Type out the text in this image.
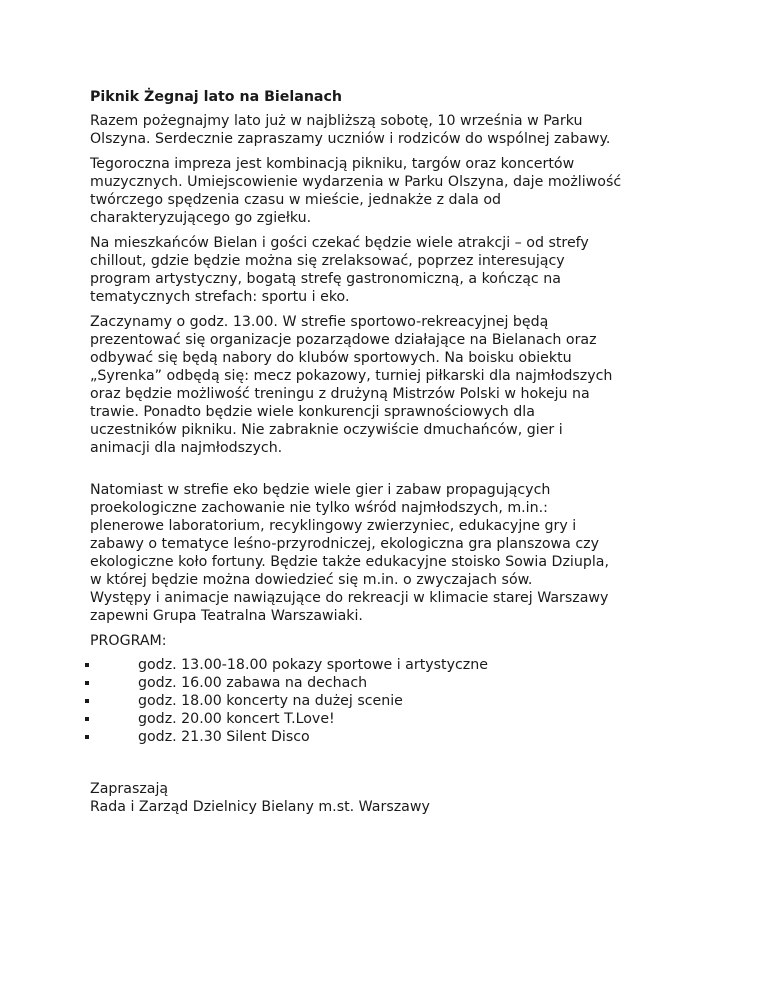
Piknik Żegnaj lato na Bielanach

Razem pożegnajmy lato już w najbliższą sobotę, 10 września w Parku
Olszyna. Serdecznie zapraszamy uczniów i rodziców do wspólnej zabawy.

Tegoroczna impreza jest kombinacją pikniku, targów oraz koncertów
muzycznych. Umiejscowienie wydarzenia w Parku Olszyna, daje możliwość
twórczego spędzenia czasu w mieście, jednakże z dala od
charakteryzującego go zgiełku.

Na mieszkańców Bielan i gości czekać będzie wiele atrakcji – od strefy
chillout, gdzie będzie można się zrelaksować, poprzez interesujący
program artystyczny, bogatą strefę gastronomiczną, a kończąc na
tematycznych strefach: sportu i eko.

Zaczynamy o godz. 13.00. W strefie sportowo-rekreacyjnej będą
prezentować się organizacje pozarządowe działające na Bielanach oraz
odbywać się będą nabory do klubów sportowych. Na boisku obiektu
„Syrenka” odbędą się: mecz pokazowy, turniej piłkarski dla najmłodszych
oraz będzie możliwość treningu z drużyną Mistrzów Polski w hokeju na
trawie. Ponadto będzie wiele konkurencji sprawnościowych dla
uczestników pikniku. Nie zabraknie oczywiście dmuchańców, gier i
animacji dla najmłodszych.

Natomiast w strefie eko będzie wiele gier i zabaw propagujących
proekologiczne zachowanie nie tylko wśród najmłodszych, m.in.:
plenerowe laboratorium, recyklingowy zwierzyniec, edukacyjne gry i
zabawy o tematyce leśno-przyrodniczej, ekologiczna gra planszowa czy
ekologiczne koło fortuny. Będzie także edukacyjne stoisko Sowia Dziupla,
w której będzie można dowiedzieć się m.in. o zwyczajach sów.
Występy i animacje nawiązujące do rekreacji w klimacie starej Warszawy
zapewni Grupa Teatralna Warszawiaki.

PROGRAM:
godz. 13.00-18.00 pokazy sportowe i artystyczne
godz. 16.00 zabawa na dechach
godz. 18.00 koncerty na dużej scenie
godz. 20.00 koncert T.Love!
godz. 21.30 Silent Disco
Zapraszają
Rada i Zarząd Dzielnicy Bielany m.st. Warszawy
